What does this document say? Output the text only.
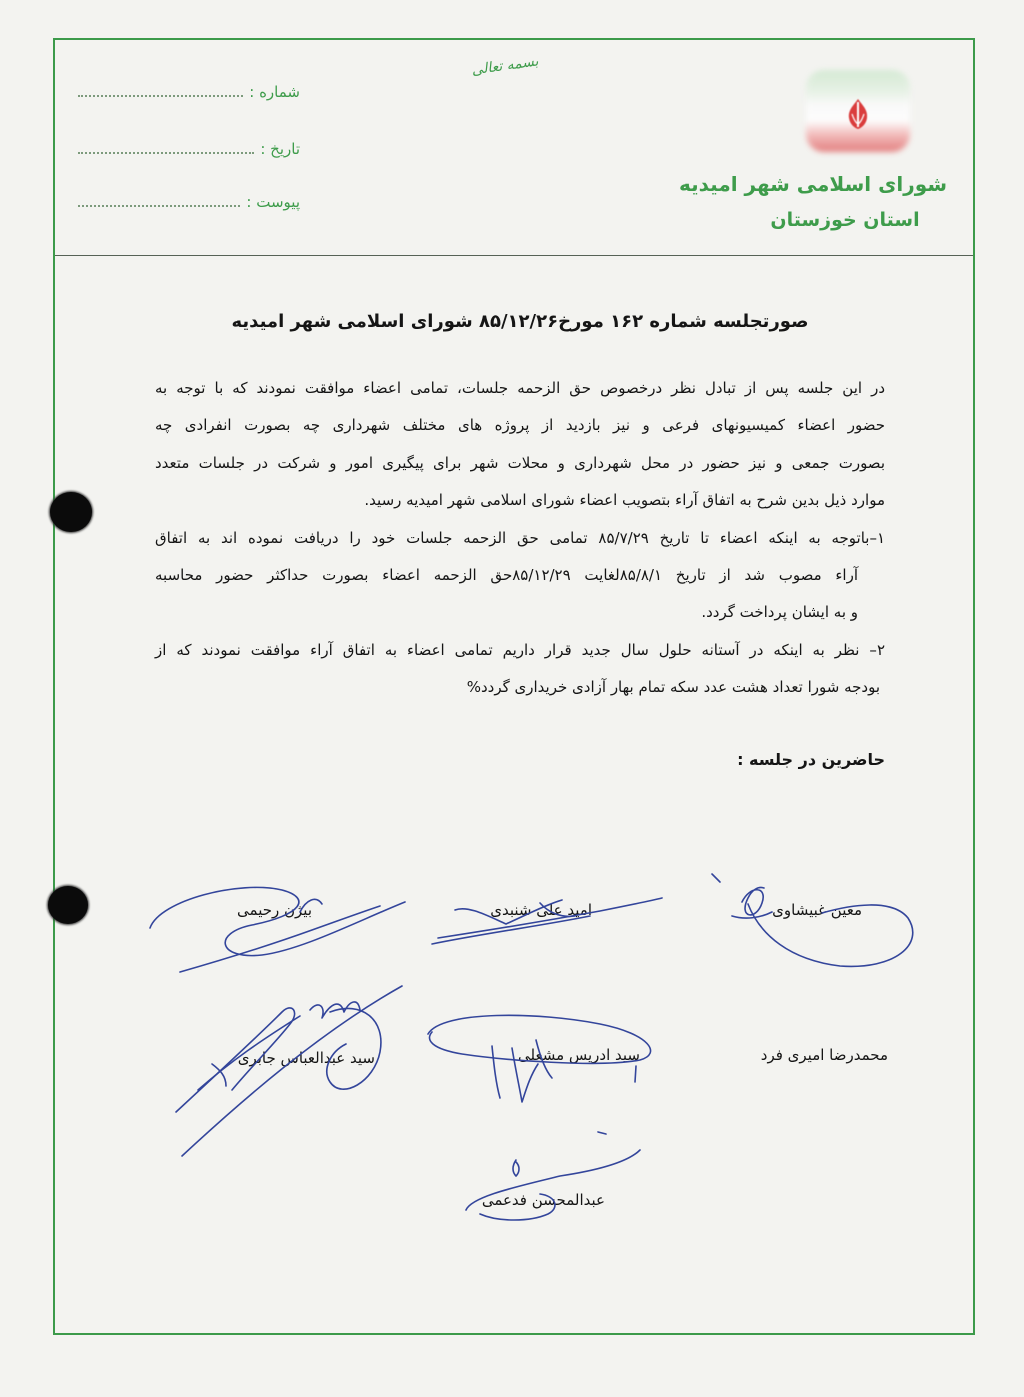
بسمه تعالی
شماره :
تاریخ :
پیوست :
شورای اسلامی شهر امیدیه
استان خوزستان
صورتجلسه شماره ۱۶۲ مورخ۸۵/۱۲/۲۶ شورای اسلامی شهر امیدیه
در این جلسه پس از تبادل نظر درخصوص حق الزحمه جلسات، تمامی اعضاء موافقت نمودند که با توجه به
حضور اعضاء کمیسیونهای فرعی و نیز بازدید از پروژه های مختلف شهرداری چه بصورت انفرادی چه
بصورت جمعی و نیز حضور در محل شهرداری و محلات شهر برای پیگیری امور و شرکت در جلسات متعدد
موارد ذیل بدین شرح به اتفاق آراء بتصویب اعضاء شورای اسلامی شهر امیدیه رسید.
۱–باتوجه به اینکه اعضاء تا تاریخ ۸۵/۷/۲۹ تمامی حق الزحمه جلسات خود را دریافت نموده اند به اتفاق
آراء مصوب شد از تاریخ ۸۵/۸/۱لغایت ۸۵/۱۲/۲۹حق الزحمه اعضاء بصورت حداکثر حضور محاسبه
و به ایشان پرداخت گردد.
۲– نظر به اینکه در آستانه حلول سال جدید قرار داریم تمامی اعضاء به اتفاق آراء موافقت نمودند که از
بودجه شورا تعداد هشت عدد سکه تمام بهار آزادی خریداری گردد%
حاضرین در جلسه :
معین غبیشاوی
امید علی شنبدی
بیژن رحیمی
محمدرضا امیری فرد
سید ادریس مشعلی
سید عبدالعباس جابری
عبدالمحسن فدعمی
